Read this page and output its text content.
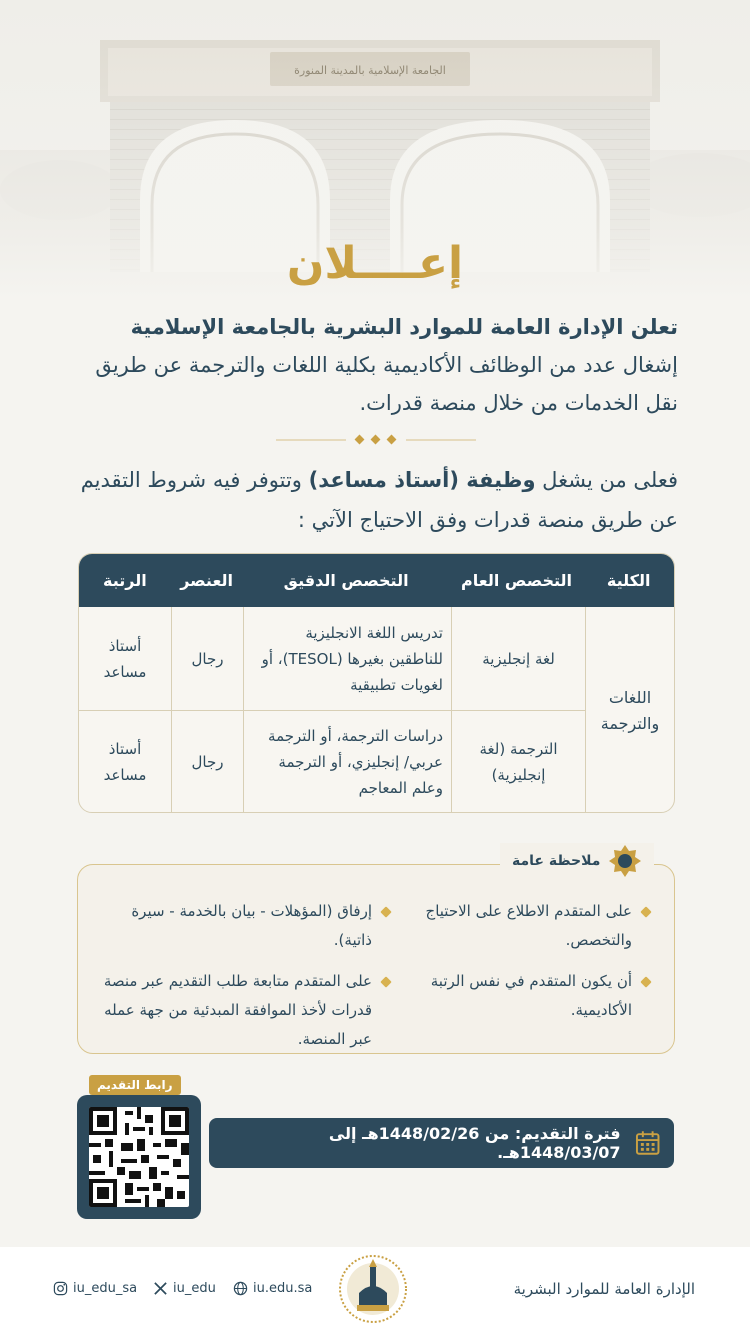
إعــــلان
تعلن الإدارة العامة للموارد البشرية بالجامعة الإسلامية
إشغال عدد من الوظائف الأكاديمية بكلية اللغات والترجمة عن طريق نقل الخدمات من خلال منصة قدرات.
فعلى من يشغل وظيفة (أستاذ مساعد) وتتوفر فيه شروط التقديم عن طريق منصة قدرات وفق الاحتياج الآتي :
الكلية
التخصص العام
التخصص الدقيق
العنصر
الرتبة
اللغات والترجمة
لغة إنجليزية
تدريس اللغة الانجليزية للناطقين بغيرها (TESOL)، أو لغويات تطبيقية
رجال
أستاذ مساعد
الترجمة (لغة إنجليزية)
دراسات الترجمة، أو الترجمة عربي/ إنجليزي، أو الترجمة وعلم المعاجم
رجال
أستاذ مساعد
على المتقدم الاطلاع على الاحتياج والتخصص.
إرفاق (المؤهلات - بيان بالخدمة - سيرة ذاتية).
أن يكون المتقدم في نفس الرتبة الأكاديمية.
على المتقدم متابعة طلب التقديم عبر منصة قدرات لأخذ الموافقة المبدئية من جهة عمله عبر المنصة.
ملاحظة عامة
رابط التقديم
فترة التقديم: من 1448/02/26هـ إلى 1448/03/07هـ.
الإدارة العامة للموارد البشرية
iu.edu.sa
iu_edu
iu_edu_sa
